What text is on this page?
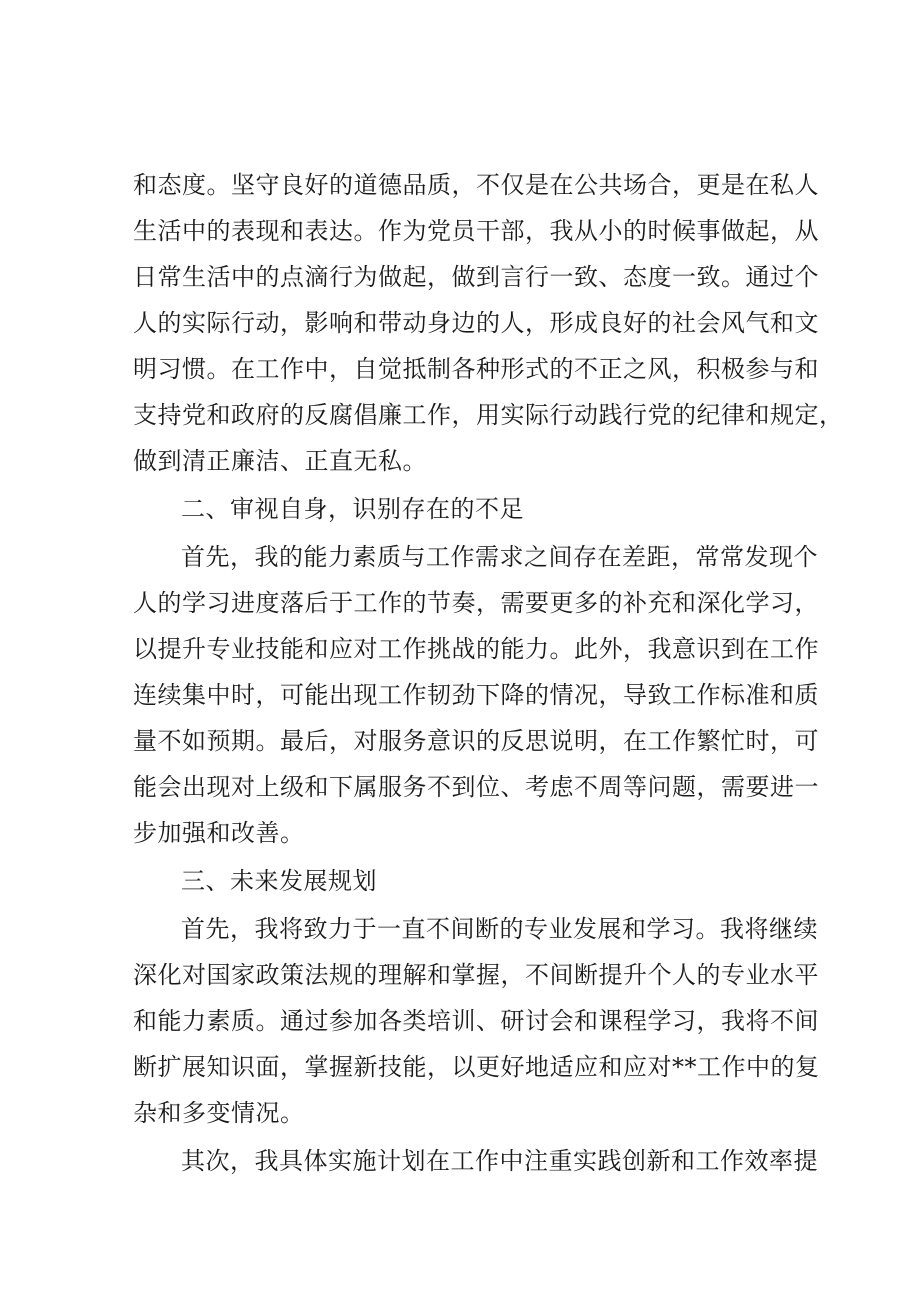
和态度。坚守良好的道德品质，不仅是在公共场合，更是在私人
生活中的表现和表达。作为党员干部，我从小的时候事做起，从
日常生活中的点滴行为做起，做到言行一致、态度一致。通过个
人的实际行动，影响和带动身边的人，形成良好的社会风气和文
明习惯。在工作中，自觉抵制各种形式的不正之风，积极参与和
支持党和政府的反腐倡廉工作，用实际行动践行党的纪律和规定，
做到清正廉洁、正直无私。
二、审视自身，识别存在的不足
首先，我的能力素质与工作需求之间存在差距，常常发现个
人的学习进度落后于工作的节奏，需要更多的补充和深化学习，
以提升专业技能和应对工作挑战的能力。此外，我意识到在工作
连续集中时，可能出现工作韧劲下降的情况，导致工作标准和质
量不如预期。最后，对服务意识的反思说明，在工作繁忙时，可
能会出现对上级和下属服务不到位、考虑不周等问题，需要进一
步加强和改善。
三、未来发展规划
首先，我将致力于一直不间断的专业发展和学习。我将继续
深化对国家政策法规的理解和掌握，不间断提升个人的专业水平
和能力素质。通过参加各类培训、研讨会和课程学习，我将不间
断扩展知识面，掌握新技能，以更好地适应和应对**工作中的复
杂和多变情况。
其次，我具体实施计划在工作中注重实践创新和工作效率提
